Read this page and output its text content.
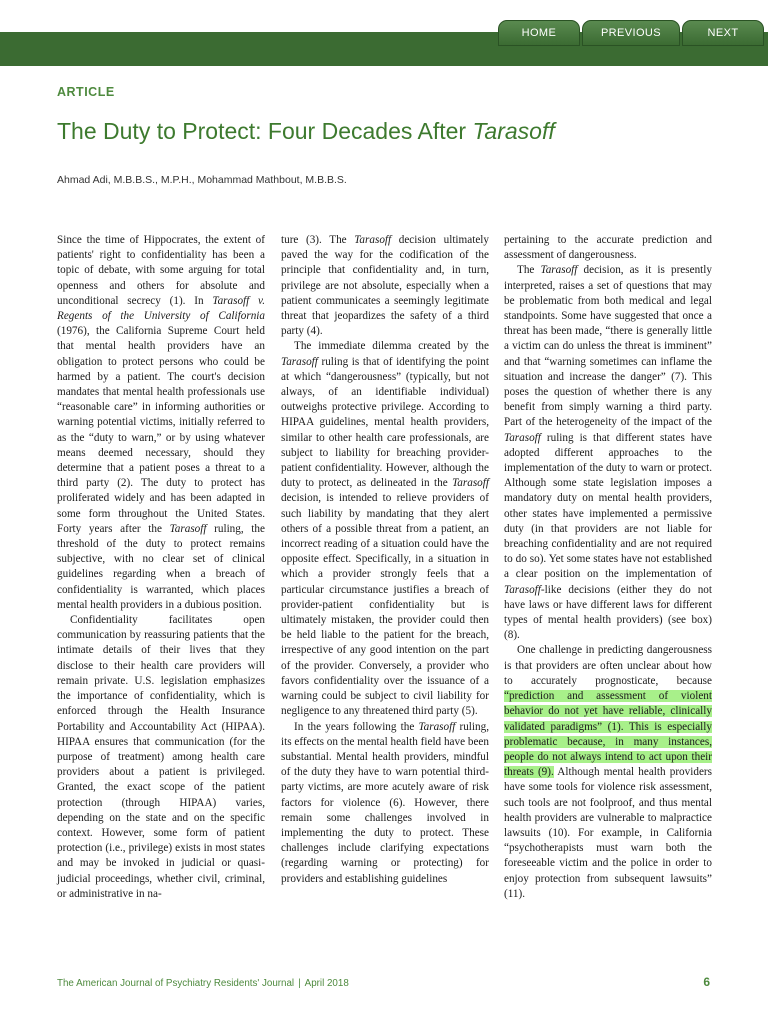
HOME	PREVIOUS	NEXT
ARTICLE
The Duty to Protect: Four Decades After Tarasoff
Ahmad Adi, M.B.B.S., M.P.H., Mohammad Mathbout, M.B.B.S.

Since the time of Hippocrates, the extent of patients' right to confidentiality has been a topic of debate, with some arguing for total openness and others for absolute and unconditional secrecy (1). In Tarasoff v. Regents of the University of California (1976), the California Supreme Court held that mental health providers have an obligation to protect persons who could be harmed by a patient. The court's decision mandates that mental health professionals use “reasonable care” in informing authorities or warning potential victims, initially referred to as the “duty to warn,” or by using whatever means deemed necessary, should they determine that a patient poses a threat to a third party (2). The duty to protect has proliferated widely and has been adapted in some form throughout the United States. Forty years after the Tarasoff ruling, the threshold of the duty to protect remains subjective, with no clear set of clinical guidelines regarding when a breach of confidentiality is warranted, which places mental health providers in a dubious position.

Confidentiality facilitates open communication by reassuring patients that the intimate details of their lives that they disclose to their health care providers will remain private. U.S. legislation emphasizes the importance of confidentiality, which is enforced through the Health Insurance Portability and Accountability Act (HIPAA). HIPAA ensures that communication (for the purpose of treatment) among health care providers about a patient is privileged. Granted, the exact scope of the patient protection (through HIPAA) varies, depending on the state and on the specific context. However, some form of patient protection (i.e., privilege) exists in most states and may be invoked in judicial or quasi-judicial proceedings, whether civil, criminal, or administrative in na-

ture (3). The Tarasoff decision ultimately paved the way for the codification of the principle that confidentiality and, in turn, privilege are not absolute, especially when a patient communicates a seemingly legitimate threat that jeopardizes the safety of a third party (4).

The immediate dilemma created by the Tarasoff ruling is that of identifying the point at which “dangerousness” (typically, but not always, of an identifiable individual) outweighs protective privilege. According to HIPAA guidelines, mental health providers, similar to other health care professionals, are subject to liability for breaching provider-patient confidentiality. However, although the duty to protect, as delineated in the Tarasoff decision, is intended to relieve providers of such liability by mandating that they alert others of a possible threat from a patient, an incorrect reading of a situation could have the opposite effect. Specifically, in a situation in which a provider strongly feels that a particular circumstance justifies a breach of provider-patient confidentiality but is ultimately mistaken, the provider could then be held liable to the patient for the breach, irrespective of any good intention on the part of the provider. Conversely, a provider who favors confidentiality over the issuance of a warning could be subject to civil liability for negligence to any threatened third party (5).

In the years following the Tarasoff ruling, its effects on the mental health field have been substantial. Mental health providers, mindful of the duty they have to warn potential third-party victims, are more acutely aware of risk factors for violence (6). However, there remain some challenges involved in implementing the duty to protect. These challenges include clarifying expectations (regarding warning or protecting) for providers and establishing guidelines

pertaining to the accurate prediction and assessment of dangerousness.

The Tarasoff decision, as it is presently interpreted, raises a set of questions that may be problematic from both medical and legal standpoints. Some have suggested that once a threat has been made, “there is generally little a victim can do unless the threat is imminent” and that “warning sometimes can inflame the situation and increase the danger” (7). This poses the question of whether there is any benefit from simply warning a third party. Part of the heterogeneity of the impact of the Tarasoff ruling is that different states have adopted different approaches to the implementation of the duty to warn or protect. Although some state legislation imposes a mandatory duty on mental health providers, other states have implemented a permissive duty (in that providers are not liable for breaching confidentiality and are not required to do so). Yet some states have not established a clear position on the implementation of Tarasoff-like decisions (either they do not have laws or have different laws for different types of mental health providers) (see box) (8).

One challenge in predicting dangerousness is that providers are often unclear about how to accurately prognosticate, because “prediction and assessment of violent behavior do not yet have reliable, clinically validated paradigms” (1). This is especially problematic because, in many instances, people do not always intend to act upon their threats (9). Although mental health providers have some tools for violence risk assessment, such tools are not foolproof, and thus mental health providers are vulnerable to malpractice lawsuits (10). For example, in California “psychotherapists must warn both the foreseeable victim and the police in order to enjoy protection from subsequent lawsuits” (11).

The American Journal of Psychiatry Residents' Journal | April 2018	6
